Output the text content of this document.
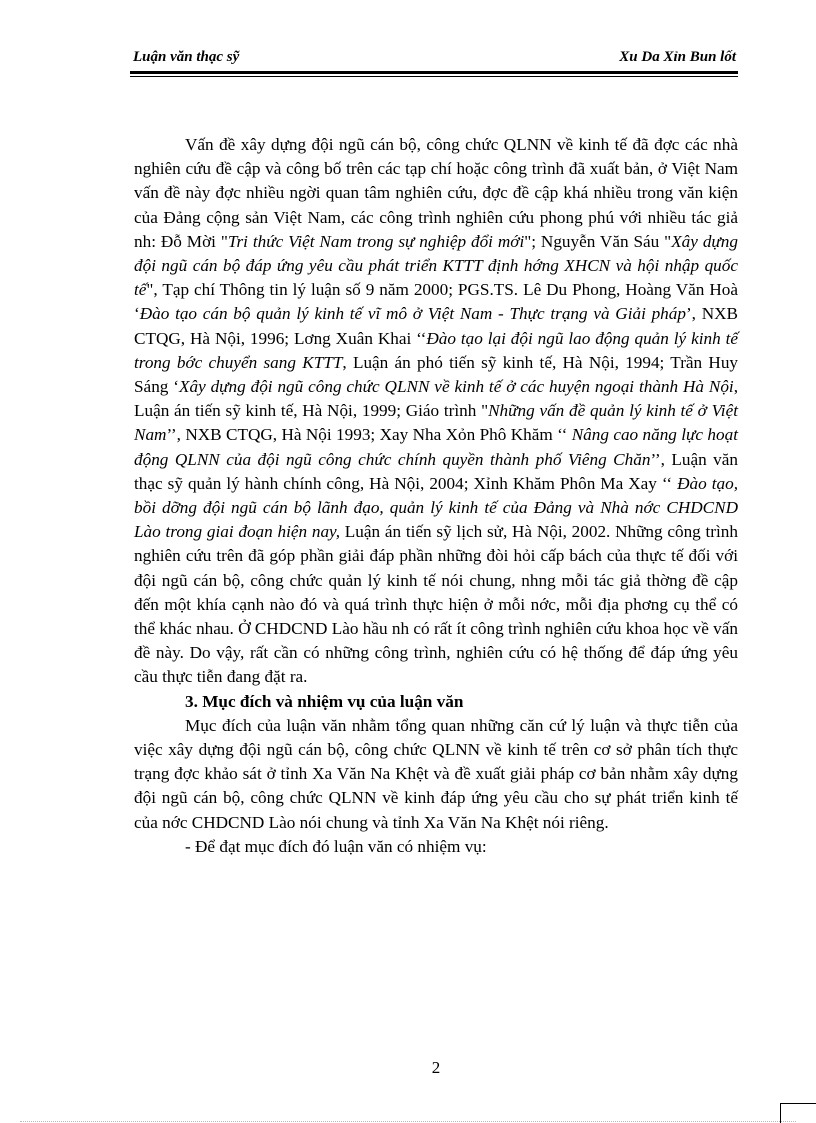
Luận văn thạc sỹ	Xu Da Xỉn Bun lốt

Vấn đề xây dựng đội ngũ cán bộ, công chức QLNN về kinh tế đã đợc các nhà nghiên cứu đề cập và công bố trên các tạp chí hoặc công trình đã xuất bản, ở Việt Nam vấn đề này đợc nhiều ngời quan tâm nghiên cứu, đợc đề cập khá nhiều trong văn kiện của Đảng cộng sản Việt Nam, các công trình nghiên cứu phong phú với nhiều tác giả nh: Đỗ Mời "Tri thức Việt Nam trong sự nghiệp đổi mới"; Nguyễn Văn Sáu "Xây dựng đội ngũ cán bộ đáp ứng yêu cầu phát triển KTTT định hớng XHCN và hội nhập quốc tế", Tạp chí Thông tin lý luận số 9 năm 2000; PGS.TS. Lê Du Phong, Hoàng Văn Hoà ‘Đào tạo cán bộ quản lý kinh tế vĩ mô ở Việt Nam - Thực trạng và Giải pháp’, NXB CTQG, Hà Nội, 1996; Lơng Xuân Khai ‘‘Đào tạo lại đội ngũ lao động quản lý kinh tế trong bớc chuyển sang KTTT, Luận án phó tiến sỹ kinh tế, Hà Nội, 1994; Trần Huy Sáng ‘Xây dựng đội ngũ công chức QLNN về kinh tế ở các huyện ngoại thành Hà Nội, Luận án tiến sỹ kinh tế, Hà Nội, 1999; Giáo trình "Những vấn đề quản lý kinh tế ở Việt Nam’’, NXB CTQG, Hà Nội 1993; Xay Nha Xỏn Phô Khăm ‘‘ Nâng cao năng lực hoạt động QLNN của đội ngũ công chức chính quyền thành phố Viêng Chăn’’, Luận văn thạc sỹ quản lý hành chính công, Hà Nội, 2004; Xỉnh Khăm Phôn Ma Xay ‘‘ Đào tạo, bồi dỡng đội ngũ cán bộ lãnh đạo, quản lý kinh tế của Đảng và Nhà nớc CHDCND Lào trong giai đoạn hiện nay, Luận án tiến sỹ lịch sử, Hà Nội, 2002. Những công trình nghiên cứu trên đã góp phần giải đáp phần những đòi hỏi cấp bách của thực tế đối với đội ngũ cán bộ, công chức quản lý kinh tế nói chung, nhng mỗi tác giả thờng đề cập đến một khía cạnh nào đó và quá trình thực hiện ở mỗi nớc, mỗi địa phơng cụ thể có thể khác nhau. Ở CHDCND Lào hầu nh có rất ít công trình nghiên cứu khoa học về vấn đề này. Do vậy, rất cần có những công trình, nghiên cứu có hệ thống để đáp ứng yêu cầu thực tiễn đang đặt ra.

3. Mục đích và nhiệm vụ của luận văn

Mục đích của luận văn nhằm tổng quan những căn cứ lý luận và thực tiễn của việc xây dựng đội ngũ cán bộ, công chức QLNN về kinh tế trên cơ sở phân tích thực trạng đợc khảo sát ở tỉnh Xa Văn Na Khệt và đề xuất giải pháp cơ bản nhằm xây dựng đội ngũ cán bộ, công chức QLNN về kinh đáp ứng yêu cầu cho sự phát triển kinh tế của nớc CHDCND Lào nói chung và tỉnh Xa Văn Na Khệt nói riêng.

- Để đạt mục đích đó luận văn có nhiệm vụ:

2
